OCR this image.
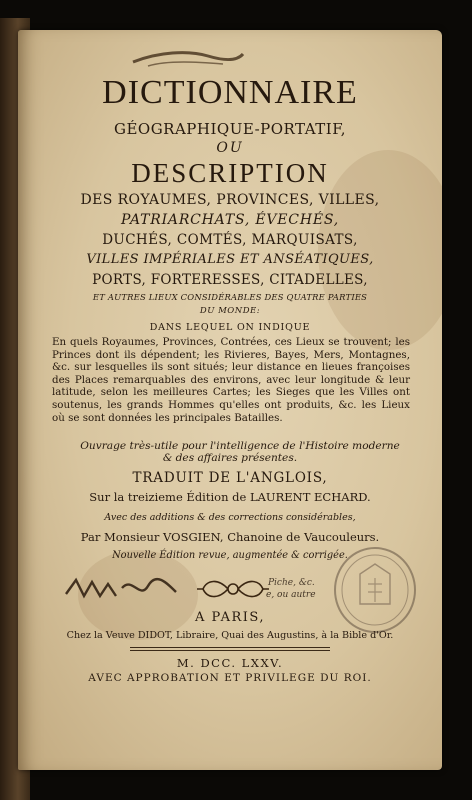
DICTIONNAIRE
GÉOGRAPHIQUE-PORTATIF,
OU
DESCRIPTION
DES ROYAUMES, PROVINCES, VILLES,
PATRIARCHATS, ÉVECHÉS,
DUCHÉS, COMTÉS, MARQUISATS,
VILLES IMPÉRIALES ET ANSÉATIQUES,
PORTS, FORTERESSES, CITADELLES,
ET AUTRES LIEUX CONSIDÉRABLES DES QUATRE PARTIES
DU MONDE:
DANS LEQUEL ON INDIQUE
En quels Royaumes, Provinces, Contrées, ces Lieux se trouvent; les Princes dont ils dépendent; les Rivieres, Bayes, Mers, Montagnes, &c. sur lesquelles ils sont situés; leur distance en lieues françoises des Places remarquables des environs, avec leur longitude & leur latitude, selon les meilleures Cartes; les Sieges que les Villes ont soutenus, les grands Hommes qu'elles ont produits, &c. les Lieux où se sont données les principales Batailles.
Ouvrage très-utile pour l'intelligence de l'Histoire moderne
& des affaires présentes.
TRADUIT DE L'ANGLOIS,
Sur la treizieme Édition de LAURENT ECHARD.
Avec des additions & des corrections considérables,
Par Monsieur VOSGIEN, Chanoine de Vaucouleurs.
Nouvelle Édition revue, augmentée & corrigée.
Piche, &c.
e, ou autre
A PARIS,
Chez la Veuve DIDOT, Libraire, Quai des Augustins, à la Bible d'Or.
M. DCC. LXXV.
AVEC APPROBATION ET PRIVILEGE DU ROI.
